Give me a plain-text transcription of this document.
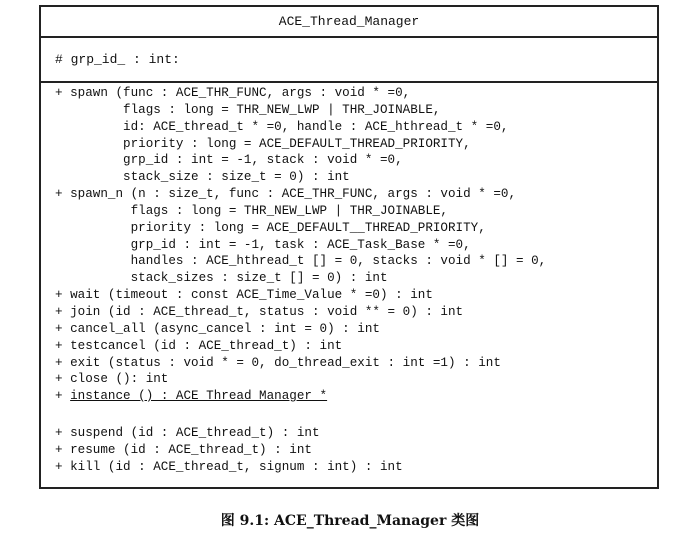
ACE_Thread_Manager
# grp_id_ : int:
+ spawn (func : ACE_THR_FUNC, args : void * =0,
flags : long = THR_NEW_LWP | THR_JOINABLE,
id: ACE_thread_t * =0, handle : ACE_hthread_t * =0,
priority : long = ACE_DEFAULT_THREAD_PRIORITY,
grp_id : int = -1, stack : void * =0,
stack_size : size_t = 0) : int
+ spawn_n (n : size_t, func : ACE_THR_FUNC, args : void * =0,
flags : long = THR_NEW_LWP | THR_JOINABLE,
priority : long = ACE_DEFAULT__THREAD_PRIORITY,
grp_id : int = -1, task : ACE_Task_Base * =0,
handles : ACE_hthread_t [] = 0, stacks : void * [] = 0,
stack_sizes : size_t [] = 0) : int
+ wait (timeout : const ACE_Time_Value * =0) : int
+ join (id : ACE_thread_t, status : void ** = 0) : int
+ cancel_all (async_cancel : int = 0) : int
+ testcancel (id : ACE_thread_t) : int
+ exit (status : void * = 0, do_thread_exit : int =1) : int
+ close (): int
+ instance () : ACE Thread Manager *
+ suspend (id : ACE_thread_t) : int
+ resume (id : ACE_thread_t) : int
+ kill (id : ACE_thread_t, signum : int) : int
图 9.1: ACE_Thread_Manager 类图
